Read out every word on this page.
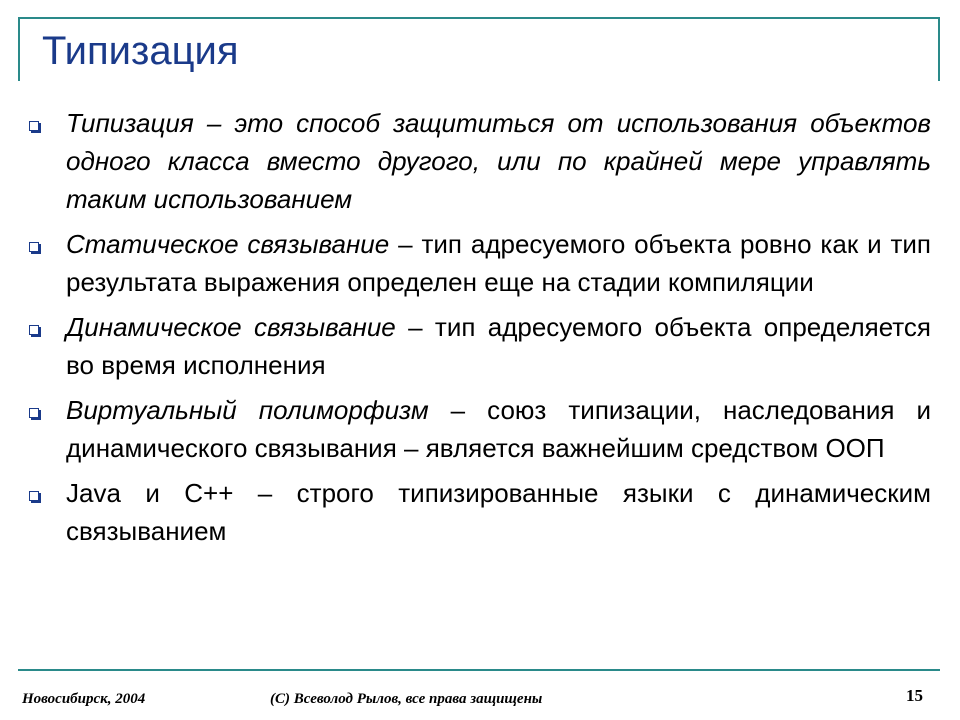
Типизация
Типизация – это способ защититься от использования объектов одного класса вместо другого, или по крайней мере управлять таким использованием
Статическое связывание – тип адресуемого объекта ровно как и тип результата выражения определен еще на стадии компиляции
Динамическое связывание – тип адресуемого объекта определяется во время исполнения
Виртуальный полиморфизм – союз типизации, наследования и динамического связывания – является важнейшим средством ООП
Java и C++ – строго типизированные языки с динамическим связыванием
Новосибирск, 2004	(С) Всеволод Рылов, все права защищены	15
